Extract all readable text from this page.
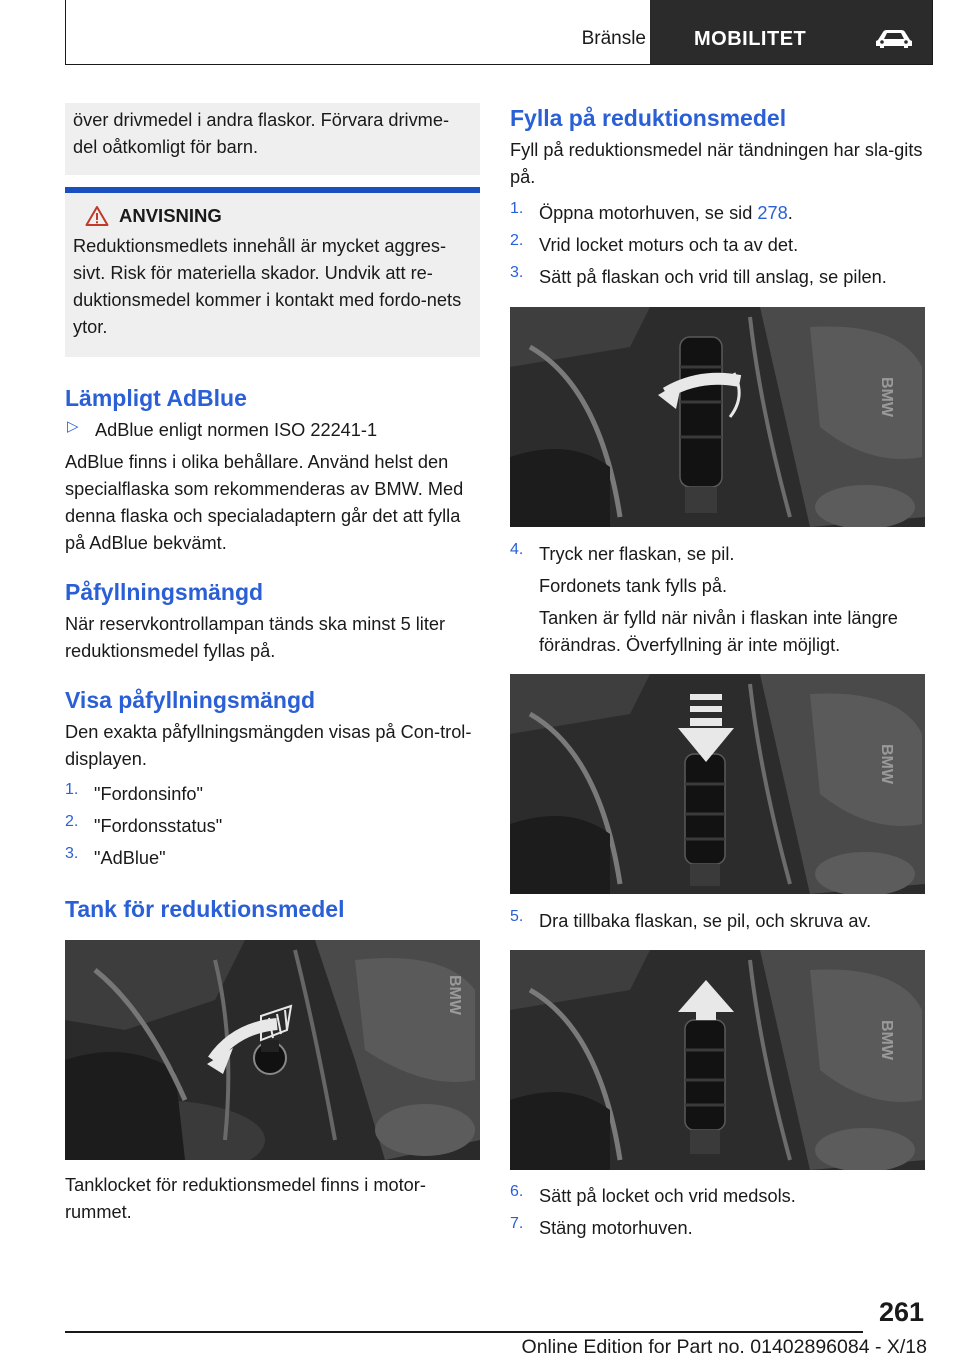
Bränsle MOBILITET

över drivmedel i andra flaskor. Förvara drivme-del oåtkomligt för barn.

ANVISNING

Reduktionsmedlets innehåll är mycket aggres-sivt. Risk för materiella skador. Undvik att re-duktionsmedel kommer i kontakt med fordo-nets ytor.

Lämpligt AdBlue
▷ AdBlue enligt normen ISO 22241-1

AdBlue finns i olika behållare. Använd helst den specialflaska som rekommenderas av BMW. Med denna flaska och specialadaptern går det att fylla på AdBlue bekvämt.

Påfyllningsmängd

När reservkontrollampan tänds ska minst 5 liter reduktionsmedel fyllas på.

Visa påfyllningsmängd

Den exakta påfyllningsmängden visas på Con-trol-displayen.

1. "Fordonsinfo"

2. "Fordonsstatus"

3. "AdBlue"

Tank för reduktionsmedel
BMW

Tanklocket för reduktionsmedel finns i motor-rummet.

Fylla på reduktionsmedel

Fyll på reduktionsmedel när tändningen har sla-gits på.

1. Öppna motorhuven, se sid 278.

2. Vrid locket moturs och ta av det.

3. Sätt på flaskan och vrid till anslag, se pilen.

BMW
4. Tryck ner flaskan, se pil.

Fordonets tank fylls på.

Tanken är fylld när nivån i flaskan inte längre förändras. Överfyllning är inte möjligt.

BMW
5. Dra tillbaka flaskan, se pil, och skruva av.

BMW
6. Sätt på locket och vrid medsols.

7. Stäng motorhuven.

261
Online Edition for Part no. 01402896084 - X/18
